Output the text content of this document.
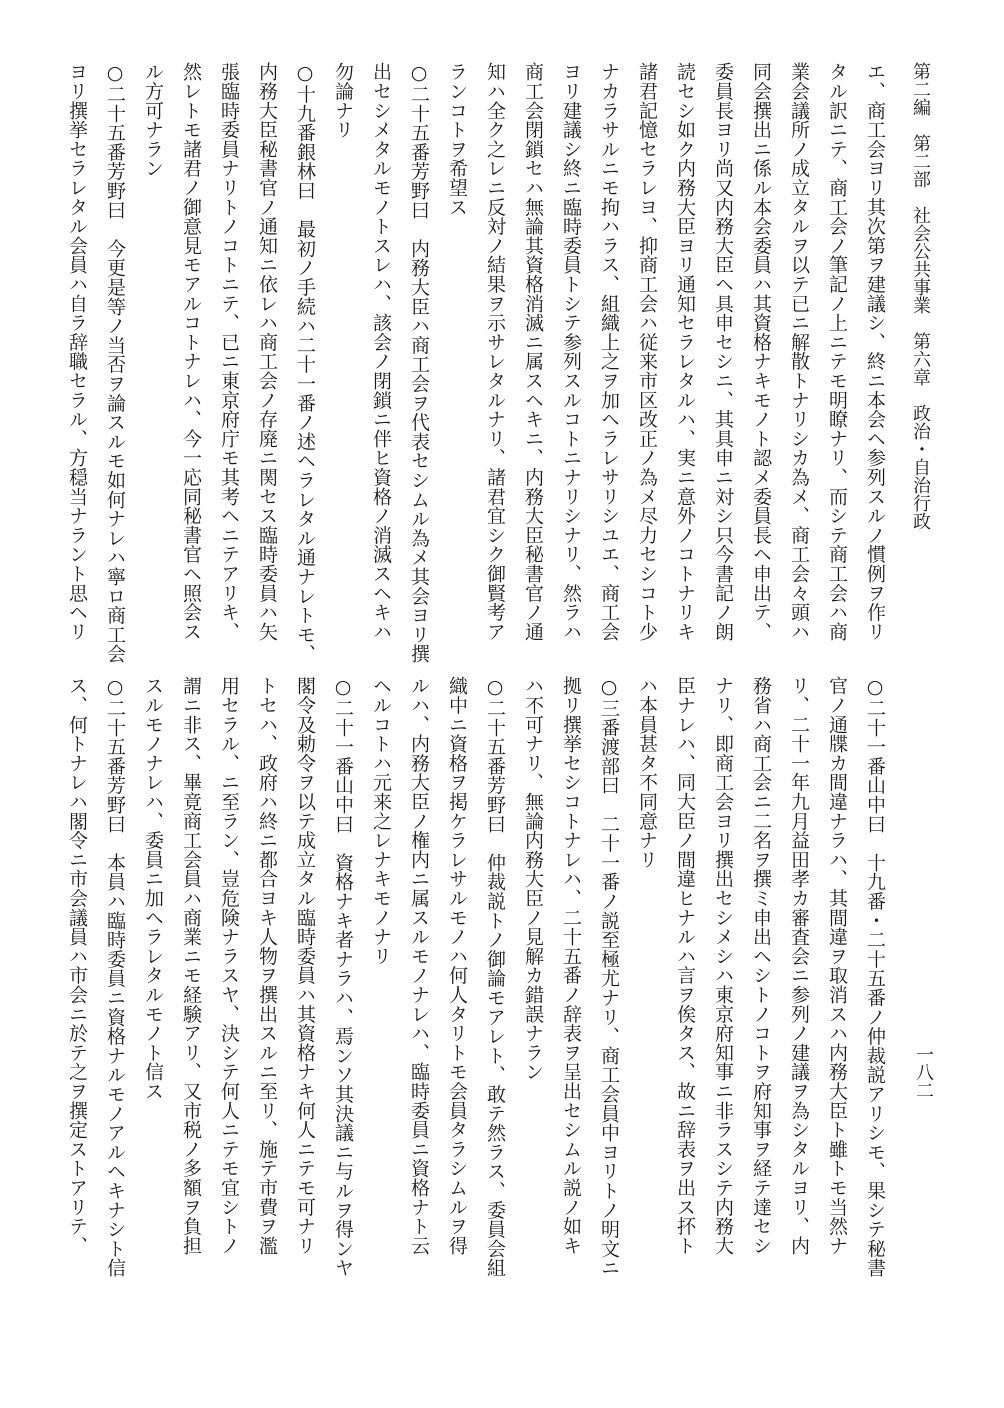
第二編　第二部　社会公共事業　第六章　政治・自治行政
一八二
エ、商工会ヨリ其次第ヲ建議シ、終ニ本会ヘ参列スルノ慣例ヲ作リ
タル訳ニテ、商工会ノ筆記ノ上ニテモ明瞭ナリ、而シテ商工会ハ商
業会議所ノ成立タルヲ以テ已ニ解散トナリシカ為メ、商工会々頭ハ
同会撰出ニ係ル本会委員ハ其資格ナキモノト認メ委員長ヘ申出テ、
委員長ヨリ尚又内務大臣ヘ具申セシニ、其具申ニ対シ只今書記ノ朗
読セシ如ク内務大臣ヨリ通知セラレタルハ、実ニ意外ノコトナリキ
諸君記憶セラレヨ、抑商工会ハ従来市区改正ノ為メ尽力セシコト少
ナカラサルニモ拘ハラス、組織上之ヲ加ヘラレサリシユエ、商工会
ヨリ建議シ終ニ臨時委員トシテ参列スルコトニナリシナリ、然ラハ
商工会閉鎖セハ無論其資格消滅ニ属スヘキニ、内務大臣秘書官ノ通
知ハ全ク之レニ反対ノ結果ヲ示サレタルナリ、諸君宜シク御賢考ア
ランコトヲ希望ス
○二十五番芳野曰　内務大臣ハ商工会ヲ代表セシムル為メ其会ヨリ撰
出セシメタルモノトスレハ、該会ノ閉鎖ニ伴ヒ資格ノ消滅スヘキハ
勿論ナリ
○十九番銀林曰　最初ノ手続ハ二十一番ノ述ヘラレタル通ナレトモ、
内務大臣秘書官ノ通知ニ依レハ商工会ノ存廃ニ関セス臨時委員ハ矢
張臨時委員ナリトノコトニテ、已ニ東京府庁モ其考ヘニテアリキ、
然レトモ諸君ノ御意見モアルコトナレハ、今一応同秘書官ヘ照会ス
ル方可ナラン
○二十五番芳野曰　今更是等ノ当否ヲ論スルモ如何ナレハ寧ロ商工会
ヨリ撰挙セラレタル会員ハ自ラ辞職セラル、方穏当ナラント思ヘリ
○二十一番山中曰　十九番・二十五番ノ仲裁説アリシモ、果シテ秘書
官ノ通牒カ間違ナラハ、其間違ヲ取消スハ内務大臣ト雖トモ当然ナ
リ、二十一年九月益田孝カ審査会ニ参列ノ建議ヲ為シタルヨリ、内
務省ハ商工会ニ二名ヲ撰ミ申出ヘシトノコトヲ府知事ヲ経テ達セシ
ナリ、即商工会ヨリ撰出セシメシハ東京府知事ニ非ラスシテ内務大
臣ナレハ、同大臣ノ間違ヒナルハ言ヲ俟タス、故ニ辞表ヲ出ス抔ト
ハ本員甚タ不同意ナリ
○三番渡部曰　二十一番ノ説至極尤ナリ、商工会員中ヨリトノ明文ニ
拠リ撰挙セシコトナレハ、二十五番ノ辞表ヲ呈出セシムル説ノ如キ
ハ不可ナリ、無論内務大臣ノ見解カ錯誤ナラン
○二十五番芳野曰　仲裁説トノ御論モアレト、敢テ然ラス、委員会組
織中ニ資格ヲ掲ケラレサルモノハ何人タリトモ会員タラシムルヲ得
ルハ、内務大臣ノ権内ニ属スルモノナレハ、臨時委員ニ資格ナト云
ヘルコトハ元来之レナキモノナリ
○二十一番山中曰　資格ナキ者ナラハ、焉ンソ其決議ニ与ルヲ得ンヤ
閣令及勅令ヲ以テ成立タル臨時委員ハ其資格ナキ何人ニテモ可ナリ
トセハ、政府ハ終ニ都合ヨキ人物ヲ撰出スルニ至リ、施テ市費ヲ濫
用セラル、ニ至ラン、豈危険ナラスヤ、決シテ何人ニテモ宜シトノ
謂ニ非ス、畢竟商工会員ハ商業ニモ経験アリ、又市税ノ多額ヲ負担
スルモノナレハ、委員ニ加ヘラレタルモノト信ス
○二十五番芳野曰　本員ハ臨時委員ニ資格ナルモノアルヘキナシト信
ス、何トナレハ閣令ニ市会議員ハ市会ニ於テ之ヲ撰定ストアリテ、
